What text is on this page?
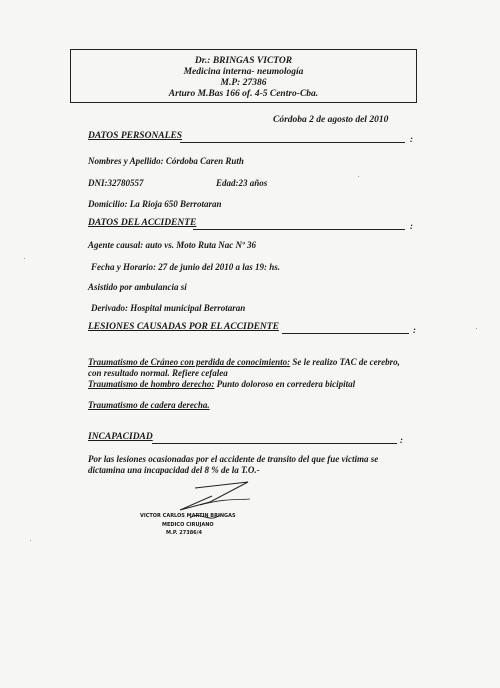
Dr.: BRINGAS VICTOR
Medicina interna- neumología
M.P: 27386
Arturo M.Bas 166 of. 4-5 Centro-Cba.
Córdoba 2 de agosto del 2010
DATOS PERSONALES	:
Nombres y Apellido: Córdoba Caren Ruth
DNI:32780557	Edad:23 años
Domicilio: La Rioja 650 Berrotaran
DATOS DEL ACCIDENTE	:
Agente causal: auto vs. Moto Ruta Nac Nº 36
Fecha y Horario: 27 de junio del 2010 a las 19: hs.
Asistido por ambulancia si
Derivado: Hospital municipal Berrotaran
LESIONES CAUSADAS POR EL ACCIDENTE	:
Traumatismo de Cráneo con perdida de conocimiento: Se le realizo TAC de cerebro,
con resultado normal. Refiere cefalea
Traumatismo de hombro derecho: Punto doloroso en corredera bicipital
Traumatismo de cadera derecha.
INCAPACIDAD	:
Por las lesiones ocasionadas por el accidente de transito del que fue victima se
dictamina una incapacidad del 8 % de la T.O.-
VICTOR CARLOS MARTIN BRINGAS
MEDICO CIRUJANO
M.P. 27386/4
